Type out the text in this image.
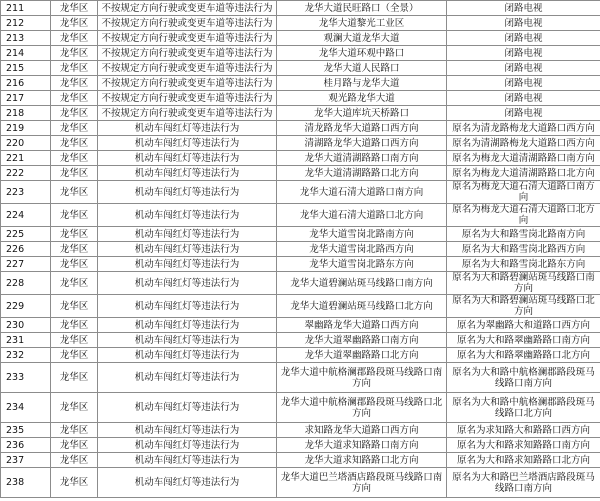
211	龙华区	不按规定方向行驶或变更车道等违法行为	龙华大道民旺路口（全景）	闭路电视
212	龙华区	不按规定方向行驶或变更车道等违法行为	龙华大道黎光工业区	闭路电视
213	龙华区	不按规定方向行驶或变更车道等违法行为	观澜大道龙华大道	闭路电视
214	龙华区	不按规定方向行驶或变更车道等违法行为	龙华大道环观中路口	闭路电视
215	龙华区	不按规定方向行驶或变更车道等违法行为	龙华大道人民路口	闭路电视
216	龙华区	不按规定方向行驶或变更车道等违法行为	桂月路与龙华大道	闭路电视
217	龙华区	不按规定方向行驶或变更车道等违法行为	观光路龙华大道	闭路电视
218	龙华区	不按规定方向行驶或变更车道等违法行为	龙华大道库坑天桥路口	闭路电视
219	龙华区	机动车闯红灯等违法行为	清龙路龙华大道路口西方向	原名为清龙路梅龙大道路口西方向
220	龙华区	机动车闯红灯等违法行为	清湖路龙华大道路口西方向	原名为清湖路梅龙大道路口西方向
221	龙华区	机动车闯红灯等违法行为	龙华大道清湖路路口南方向	原名为梅龙大道清湖路路口南方向
222	龙华区	机动车闯红灯等违法行为	龙华大道清湖路路口北方向	原名为梅龙大道清湖路路口北方向
223	龙华区	机动车闯红灯等违法行为	龙华大道石清大道路口南方向	原名为梅龙大道石清大道路口南方向
224	龙华区	机动车闯红灯等违法行为	龙华大道石清大道路口北方向	原名为梅龙大道石清大道路口北方向
225	龙华区	机动车闯红灯等违法行为	龙华大道雪岗北路南方向	原名为大和路雪岗北路南方向
226	龙华区	机动车闯红灯等违法行为	龙华大道雪岗北路西方向	原名为大和路雪岗北路西方向
227	龙华区	机动车闯红灯等违法行为	龙华大道雪岗北路东方向	原名为大和路雪岗北路东方向
228	龙华区	机动车闯红灯等违法行为	龙华大道碧澜站斑马线路口南方向	原名为大和路碧澜站斑马线路口南方向
229	龙华区	机动车闯红灯等违法行为	龙华大道碧澜站斑马线路口北方向	原名为大和路碧澜站斑马线路口北方向
230	龙华区	机动车闯红灯等违法行为	翠幽路龙华大道路口西方向	原名为翠幽路大和道路口西方向
231	龙华区	机动车闯红灯等违法行为	龙华大道翠幽路路口南方向	原名为大和路翠幽路路口南方向
232	龙华区	机动车闯红灯等违法行为	龙华大道翠幽路路口北方向	原名为大和路翠幽路路口北方向
233	龙华区	机动车闯红灯等违法行为	龙华大道中航格澜郡路段斑马线路口南方向	原名为大和路中航格澜郡路段斑马线路口南方向
234	龙华区	机动车闯红灯等违法行为	龙华大道中航格澜郡路段斑马线路口北方向	原名为大和路中航格澜郡路段斑马线路口北方向
235	龙华区	机动车闯红灯等违法行为	求知路龙华大道路口西方向	原名为求知路大和路路口西方向
236	龙华区	机动车闯红灯等违法行为	龙华大道求知路路口南方向	原名为大和路求知路路口南方向
237	龙华区	机动车闯红灯等违法行为	龙华大道求知路路口北方向	原名为大和路求知路路口北方向
238	龙华区	机动车闯红灯等违法行为	龙华大道巴兰塔酒店路段斑马线路口南方向	原名为大和路巴兰塔酒店路段斑马线路口南方向
